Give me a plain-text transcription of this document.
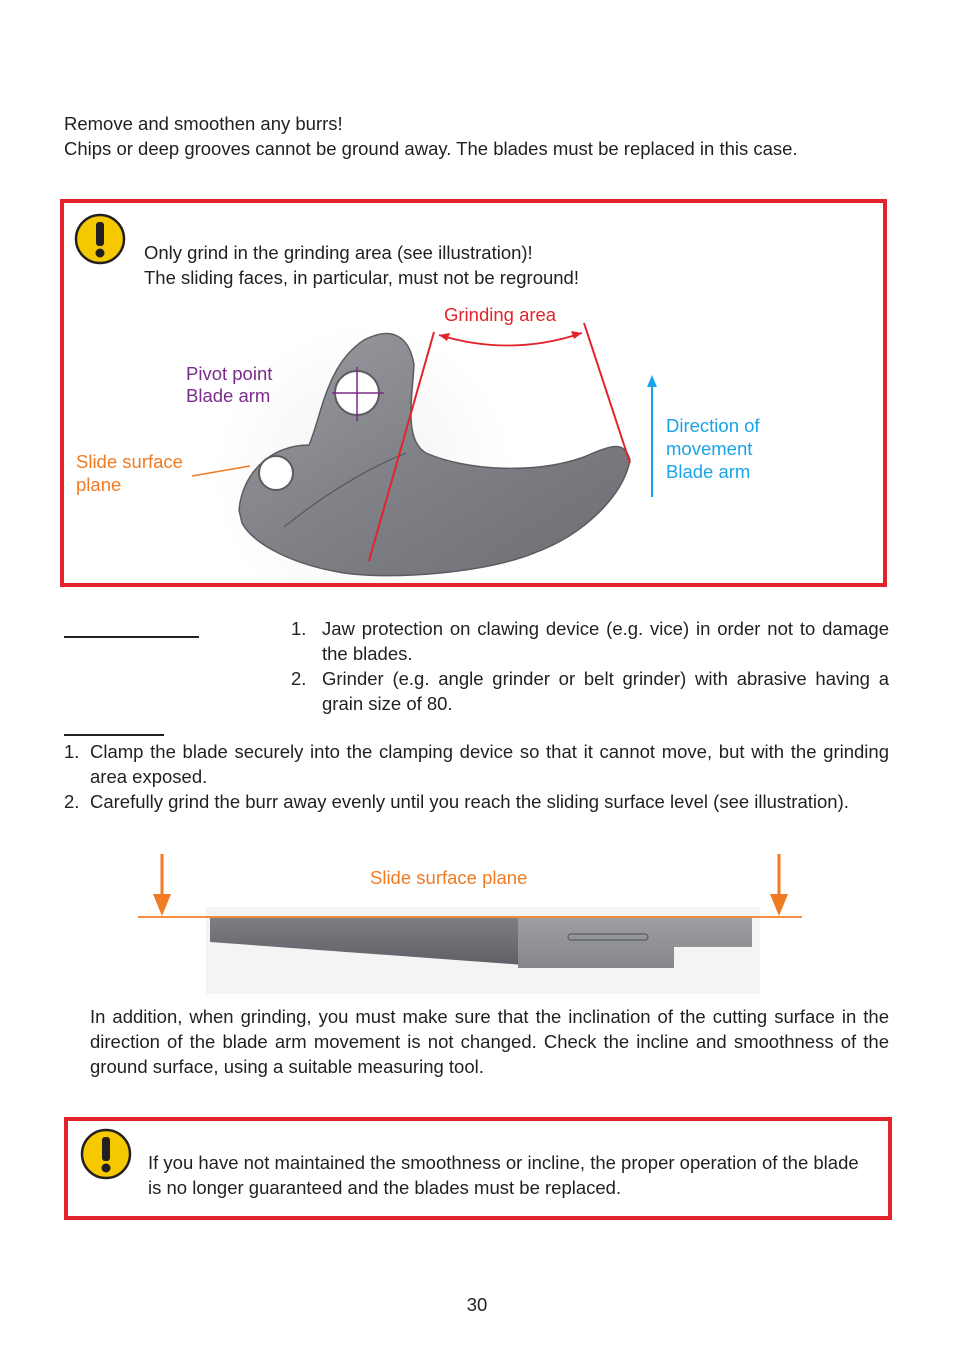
Remove and smoothen any burrs!
Chips or deep grooves cannot be ground away. The blades must be replaced in this case.
Only grind in the grinding area (see illustration)!
The sliding faces, in particular, must not be reground!
Grinding area
Pivot point
Blade arm
Slide surface
plane
Direction of
movement
Blade arm
1. Jaw protection on clawing device (e.g. vice) in order not to damage the blades.
2. Grinder (e.g. angle grinder or belt grinder) with abrasive having a grain size of 80.
1. Clamp the blade securely into the clamping device so that it cannot move, but with the grinding area exposed.
2. Carefully grind the burr away evenly until you reach the sliding surface level (see illustration).
Slide surface plane
In addition, when grinding, you must make sure that the inclination of the cutting surface in the direction of the blade arm movement is not changed. Check the incline and smoothness of the ground surface, using a suitable measuring tool.
If you have not maintained the smoothness or incline, the proper operation of the blade is no longer guaranteed and the blades must be replaced.
30
